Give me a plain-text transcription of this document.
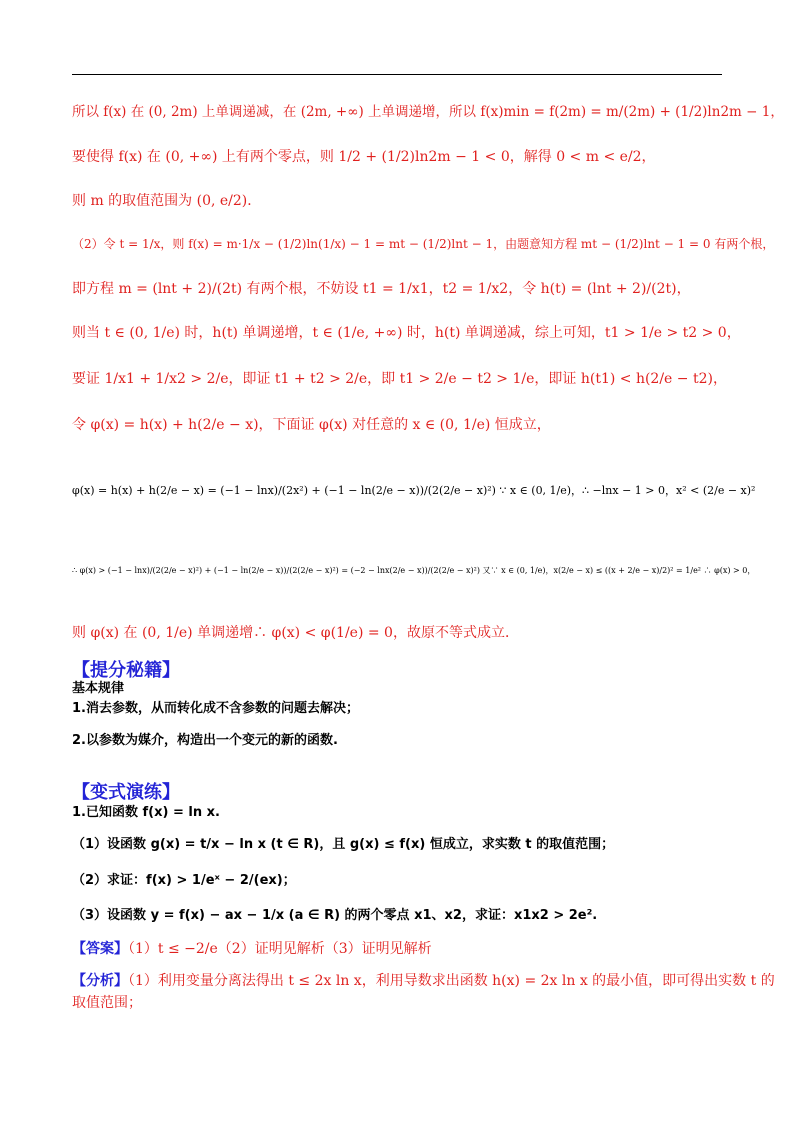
所以 f(x) 在 (0, 2m) 上单调递减，在 (2m, +∞) 上单调递增，所以 f(x)min = f(2m) = m/(2m) + (1/2)ln2m − 1，
要使得 f(x) 在 (0, +∞) 上有两个零点，则 1/2 + (1/2)ln2m − 1 < 0，解得 0 < m < e/2，
则 m 的取值范围为 (0, e/2)．
（2）令 t = 1/x，则 f(x) = m·1/x − (1/2)ln(1/x) − 1 = mt − (1/2)lnt − 1，由题意知方程 mt − (1/2)lnt − 1 = 0 有两个根，
即方程 m = (lnt + 2)/(2t) 有两个根，不妨设 t1 = 1/x1，t2 = 1/x2，令 h(t) = (lnt + 2)/(2t)，
则当 t ∈ (0, 1/e) 时，h(t) 单调递增，t ∈ (1/e, +∞) 时，h(t) 单调递减，综上可知，t1 > 1/e > t2 > 0，
要证 1/x1 + 1/x2 > 2/e，即证 t1 + t2 > 2/e，即 t1 > 2/e − t2 > 1/e，即证 h(t1) < h(2/e − t2)，
令 φ(x) = h(x) + h(2/e − x)，下面证 φ(x) 对任意的 x ∈ (0, 1/e) 恒成立，
φ(x) = h(x) + h(2/e − x) = (−1 − lnx)/(2x²) + (−1 − ln(2/e − x))/(2(2/e − x)²) ∵ x ∈ (0, 1/e)，∴ −lnx − 1 > 0，x² < (2/e − x)²
∴ φ(x) > (−1 − lnx)/(2(2/e − x)²) + (−1 − ln(2/e − x))/(2(2/e − x)²) = (−2 − lnx(2/e − x))/(2(2/e − x)²) 又∵ x ∈ (0, 1/e)，x(2/e − x) ≤ ((x + 2/e − x)/2)² = 1/e² ∴ φ(x) > 0，
则 φ(x) 在 (0, 1/e) 单调递增∴ φ(x) < φ(1/e) = 0，故原不等式成立．
【提分秘籍】
基本规律
1.消去参数，从而转化成不含参数的问题去解决；
2.以参数为媒介，构造出一个变元的新的函数.
【变式演练】
1.已知函数 f(x) = ln x.
（1）设函数 g(x) = t/x − ln x (t ∈ R)，且 g(x) ≤ f(x) 恒成立，求实数 t 的取值范围；
（2）求证：f(x) > 1/eˣ − 2/(ex)；
（3）设函数 y = f(x) − ax − 1/x (a ∈ R) 的两个零点 x1、x2，求证：x1x2 > 2e².
【答案】（1）t ≤ −2/e（2）证明见解析（3）证明见解析
【分析】（1）利用变量分离法得出 t ≤ 2x ln x，利用导数求出函数 h(x) = 2x ln x 的最小值，即可得出实数 t 的
取值范围；
